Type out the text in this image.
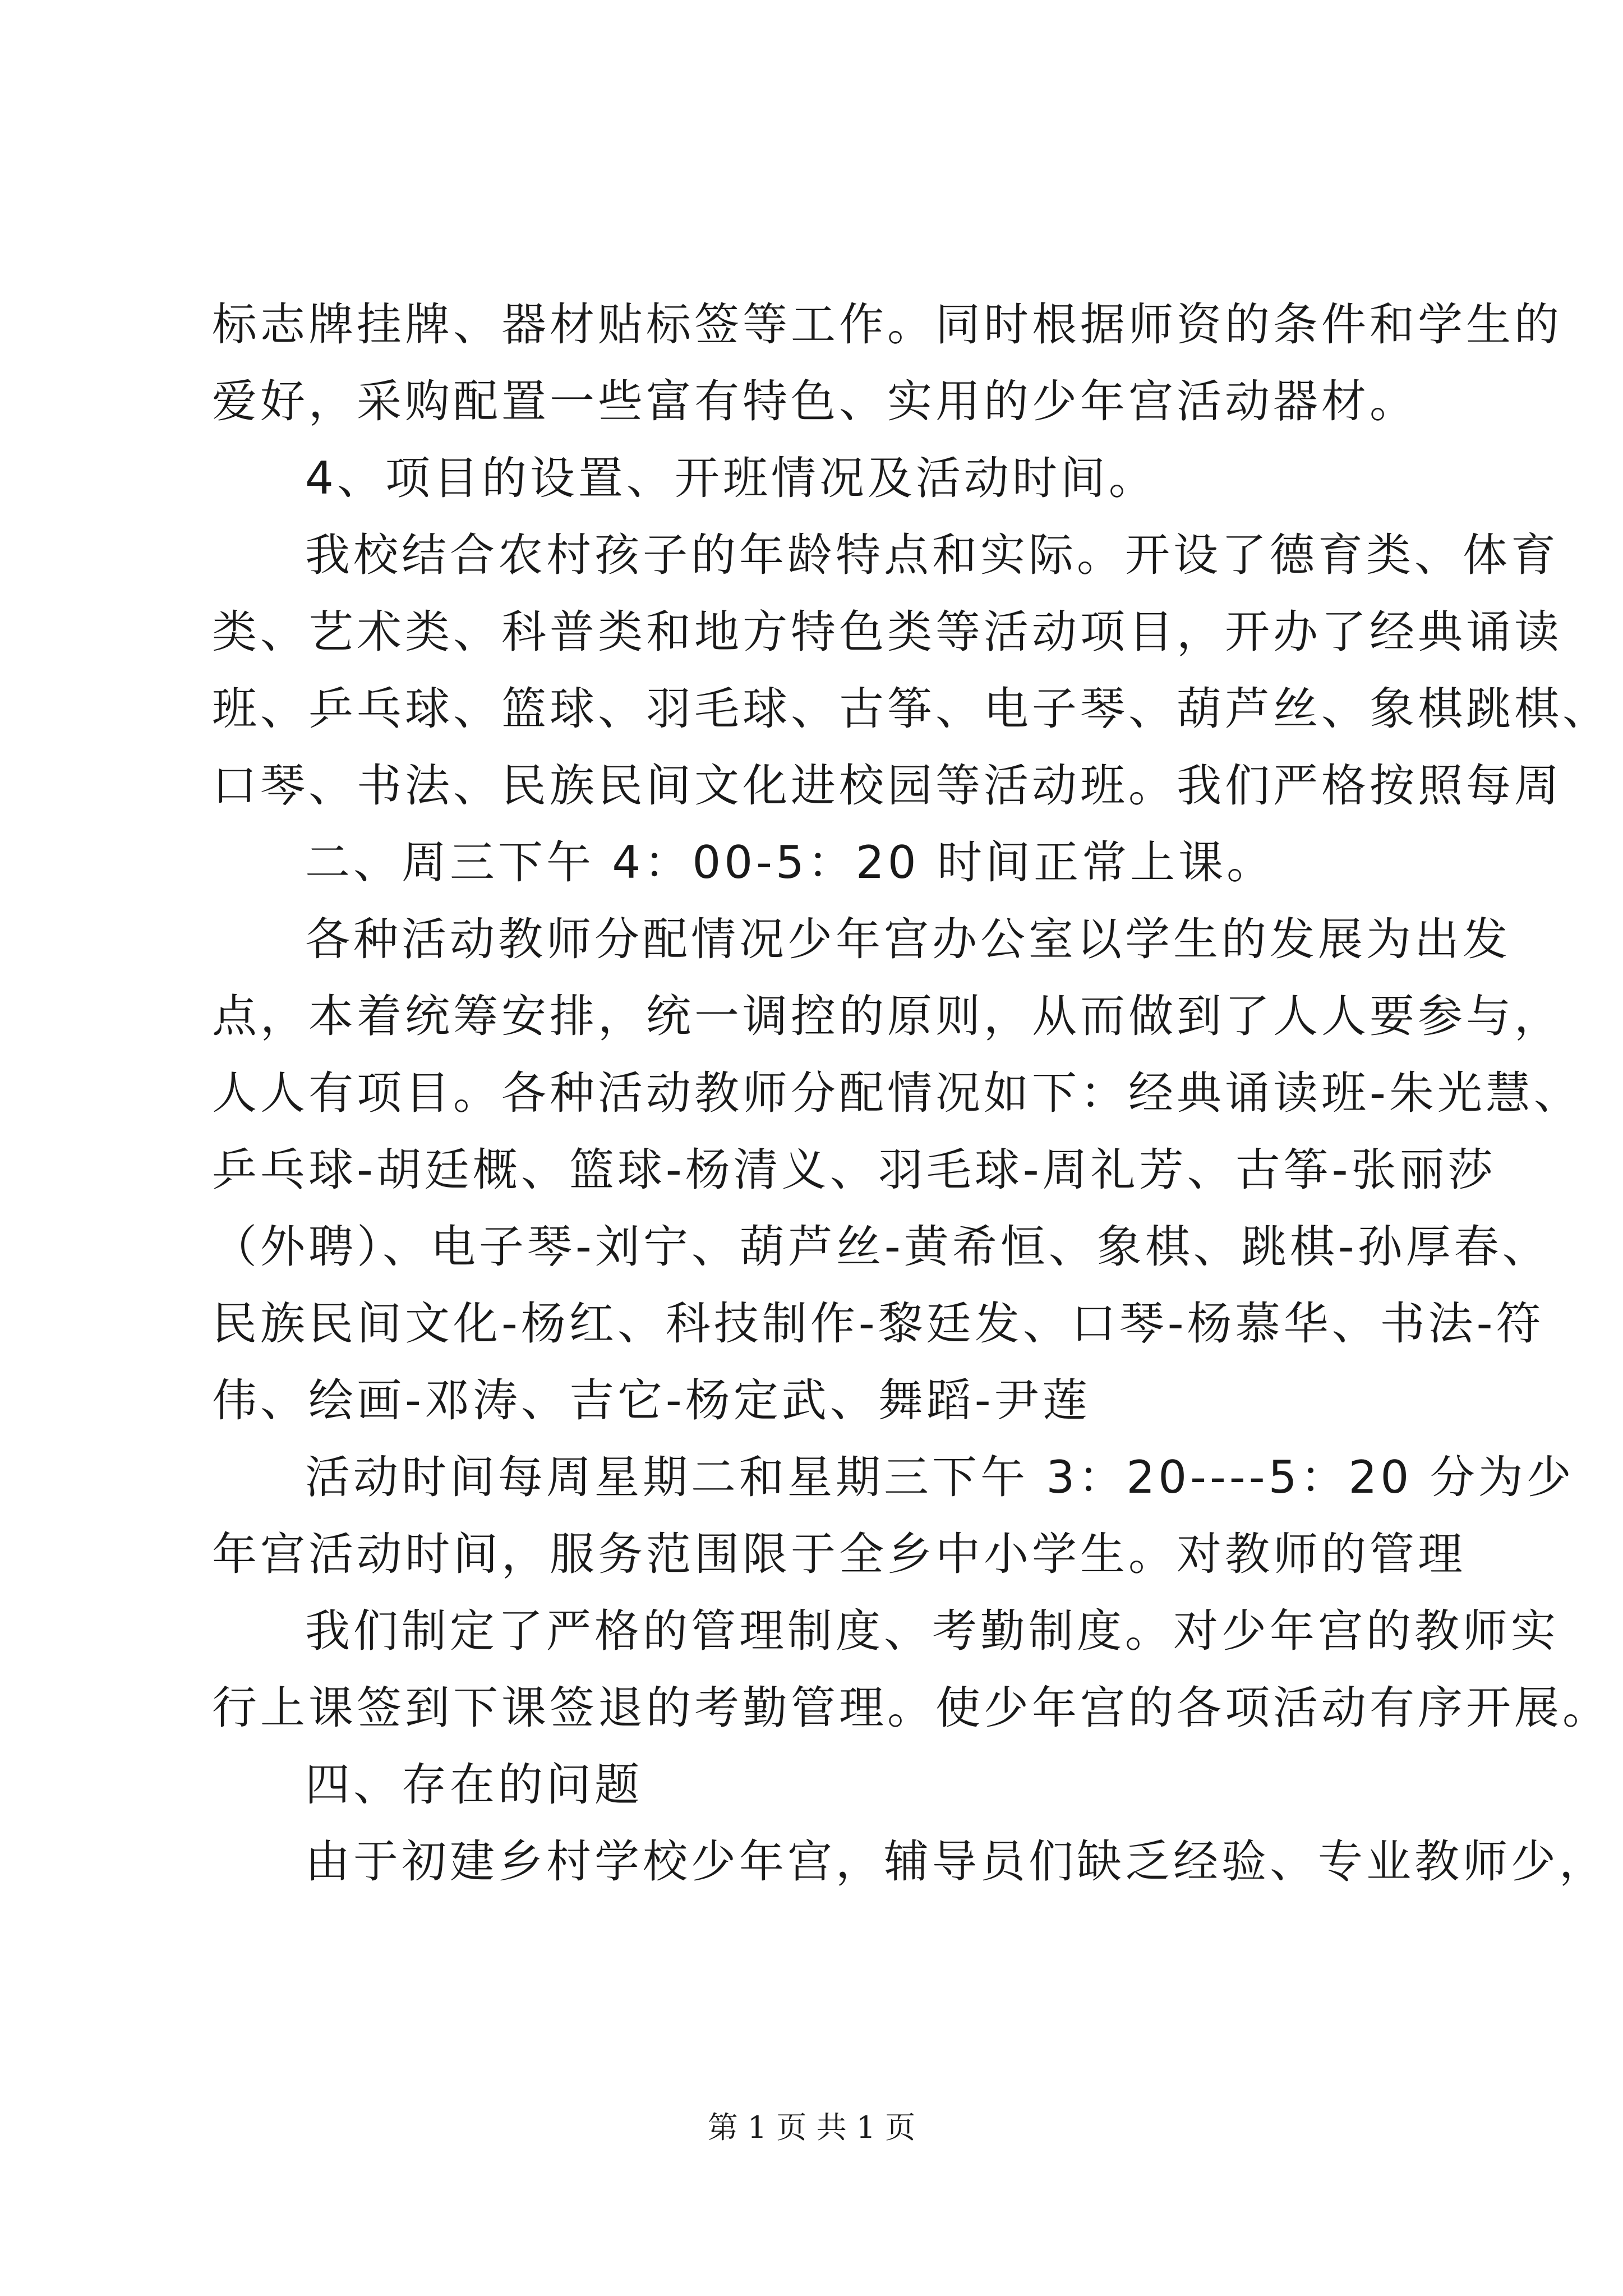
标志牌挂牌、器材贴标签等工作。同时根据师资的条件和学生的
爱好，采购配置一些富有特色、实用的少年宫活动器材。
4、项目的设置、开班情况及活动时间。
我校结合农村孩子的年龄特点和实际。开设了德育类、体育
类、艺术类、科普类和地方特色类等活动项目，开办了经典诵读
班、乒乓球、篮球、羽毛球、古筝、电子琴、葫芦丝、象棋跳棋、
口琴、书法、民族民间文化进校园等活动班。我们严格按照每周
二、周三下午 4：00-5：20 时间正常上课。
各种活动教师分配情况少年宫办公室以学生的发展为出发
点，本着统筹安排，统一调控的原则，从而做到了人人要参与，
人人有项目。各种活动教师分配情况如下：经典诵读班-朱光慧、
乒乓球-胡廷概、篮球-杨清义、羽毛球-周礼芳、古筝-张丽莎
（外聘）、电子琴-刘宁、葫芦丝-黄希恒、象棋、跳棋-孙厚春、
民族民间文化-杨红、科技制作-黎廷发、口琴-杨慕华、书法-符
伟、绘画-邓涛、吉它-杨定武、舞蹈-尹莲
活动时间每周星期二和星期三下午 3：20----5：20 分为少
年宫活动时间，服务范围限于全乡中小学生。对教师的管理
我们制定了严格的管理制度、考勤制度。对少年宫的教师实
行上课签到下课签退的考勤管理。使少年宫的各项活动有序开展。
四、存在的问题
由于初建乡村学校少年宫，辅导员们缺乏经验、专业教师少，
第 1 页 共 1 页
